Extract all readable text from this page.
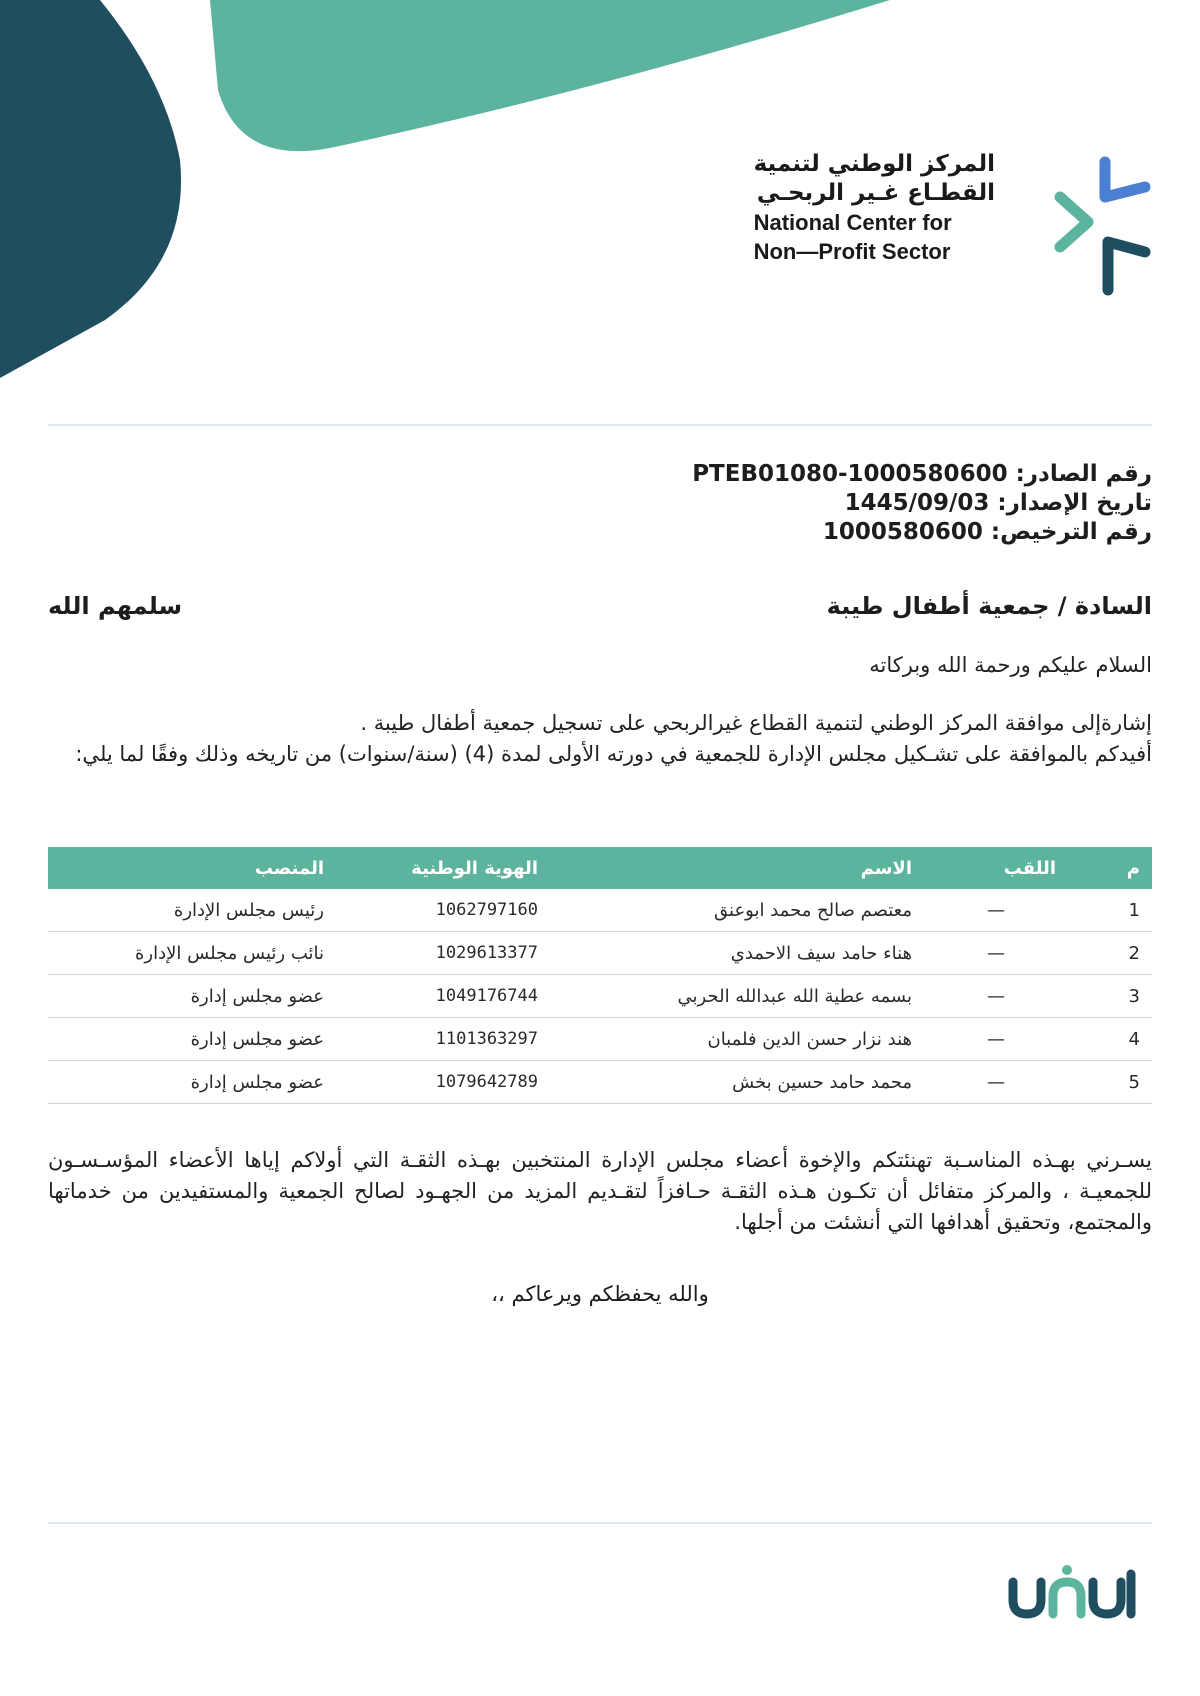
المركز الوطني لتنمية
القطـاع غـير الربحـي
National Center for
Non—Profit Sector
رقم الصادر: PTEB01080-1000580600
تاريخ الإصدار: 1445/09/03
رقم الترخيص: 1000580600
السادة / جمعية أطفال طيبة
سلمهم الله
السلام عليكم ورحمة الله وبركاته
إشارةإلى موافقة المركز الوطني لتنمية القطاع غيرالربحي على تسجيل جمعية أطفال طيبة .
أفيدكم بالموافقة على تشـكيل مجلس الإدارة للجمعية في دورته الأولى لمدة (4) (سنة/سنوات) من تاريخه وذلك وفقًا لما يلي:
م	اللقب	الاسم	الهوية الوطنية	المنصب
1	—	معتصم صالح محمد ابوعنق	1062797160	رئيس مجلس الإدارة
2	—	هناء حامد سيف الاحمدي	1029613377	نائب رئيس مجلس الإدارة
3	—	بسمه عطية الله عبدالله الحربي	1049176744	عضو مجلس إدارة
4	—	هند نزار حسن الدين فلمبان	1101363297	عضو مجلس إدارة
5	—	محمد حامد حسين بخش	1079642789	عضو مجلس إدارة
يسـرني بهـذه المناسـبة تهنئتكم والإخوة أعضاء مجلس الإدارة المنتخبين بهـذه الثقـة التي أولاكم إياها الأعضاء المؤسـسـون للجمعيـة ، والمركز متفائل أن تكـون هـذه الثقـة حـافزاً لتقـديم المزيد من الجهـود لصالح الجمعية والمستفيدين من خدماتها والمجتمع، وتحقيق أهدافها التي أنشئت من أجلها.
والله يحفظكم ويرعاكم ،،
